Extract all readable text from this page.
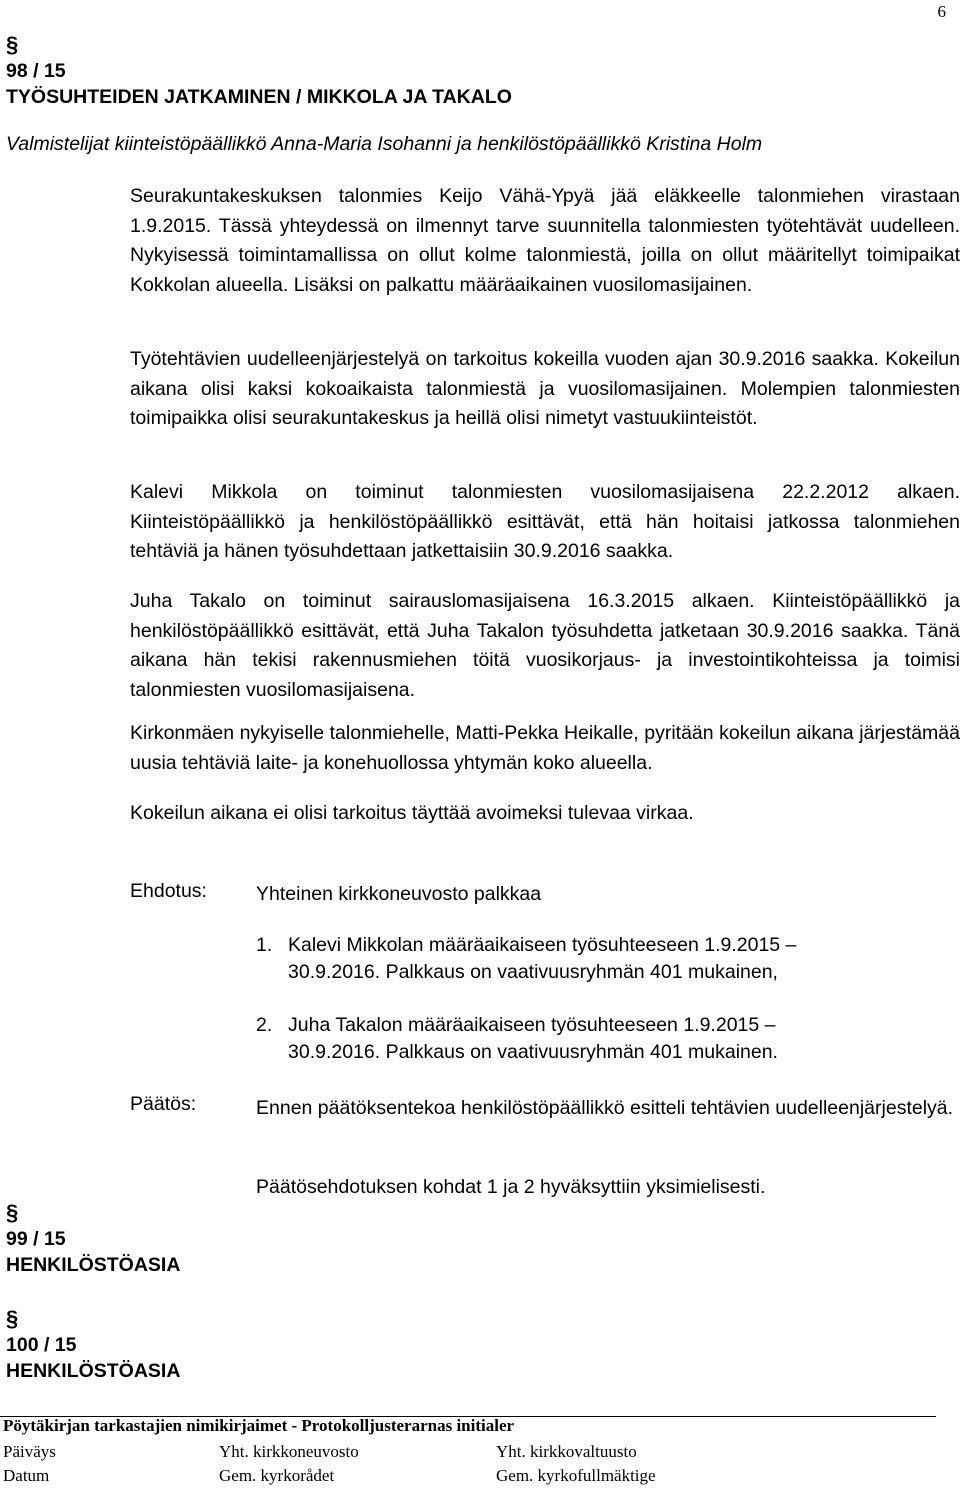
6
§
98 / 15
TYÖSUHTEIDEN JATKAMINEN / MIKKOLA JA TAKALO
Valmistelijat kiinteistöpäällikkö Anna-Maria Isohanni ja henkilöstöpäällikkö Kristina Holm

Seurakuntakeskuksen talonmies Keijo Vähä-Ypyä jää eläkkeelle talonmiehen virastaan 1.9.2015. Tässä yhteydessä on ilmennyt tarve suunnitella talonmiesten työtehtävät uudelleen. Nykyisessä toimintamallissa on ollut kolme talonmiestä, joilla on ollut määritellyt toimipaikat Kokkolan alueella. Lisäksi on palkattu määräaikainen vuosilomasijainen.

Työtehtävien uudelleenjärjestelyä on tarkoitus kokeilla vuoden ajan 30.9.2016 saakka. Kokeilun aikana olisi kaksi kokoaikaista talonmiestä ja vuosilomasijainen. Molempien talonmiesten toimipaikka olisi seurakuntakeskus ja heillä olisi nimetyt vastuukiinteistöt.

Kalevi Mikkola on toiminut talonmiesten vuosilomasijaisena 22.2.2012 alkaen. Kiinteistöpäällikkö ja henkilöstöpäällikkö esittävät, että hän hoitaisi jatkossa talonmiehen tehtäviä ja hänen työsuhdettaan jatkettaisiin 30.9.2016 saakka.

Juha Takalo on toiminut sairauslomasijaisena 16.3.2015 alkaen. Kiinteistöpäällikkö ja henkilöstöpäällikkö esittävät, että Juha Takalon työsuhdetta jatketaan 30.9.2016 saakka. Tänä aikana hän tekisi rakennusmiehen töitä vuosikorjaus- ja investointikohteissa ja toimisi talonmiesten vuosilomasijaisena.

Kirkonmäen nykyiselle talonmiehelle, Matti-Pekka Heikalle, pyritään kokeilun aikana järjestämää uusia tehtäviä laite- ja konehuollossa yhtymän koko alueella.

Kokeilun aikana ei olisi tarkoitus täyttää avoimeksi tulevaa virkaa.

Ehdotus:	Yhteinen kirkkoneuvosto palkkaa
1. Kalevi Mikkolan määräaikaiseen työsuhteeseen 1.9.2015 –
30.9.2016. Palkkaus on vaativuusryhmän 401 mukainen,
2. Juha Takalon määräaikaiseen työsuhteeseen 1.9.2015 –
30.9.2016. Palkkaus on vaativuusryhmän 401 mukainen.
Päätös:	Ennen päätöksentekoa henkilöstöpäällikkö esitteli tehtävien uudelleenjärjestelyä.
Päätösehdotuksen kohdat 1 ja 2 hyväksyttiin yksimielisesti.
§
99 / 15
HENKILÖSTÖASIA
§
100 / 15
HENKILÖSTÖASIA
Pöytäkirjan tarkastajien nimikirjaimet - Protokolljusterarnas initialer
Päiväys	Yht. kirkkoneuvosto	Yht. kirkkovaltuusto
Datum	Gem. kyrkorådet	Gem. kyrkofullmäktige
